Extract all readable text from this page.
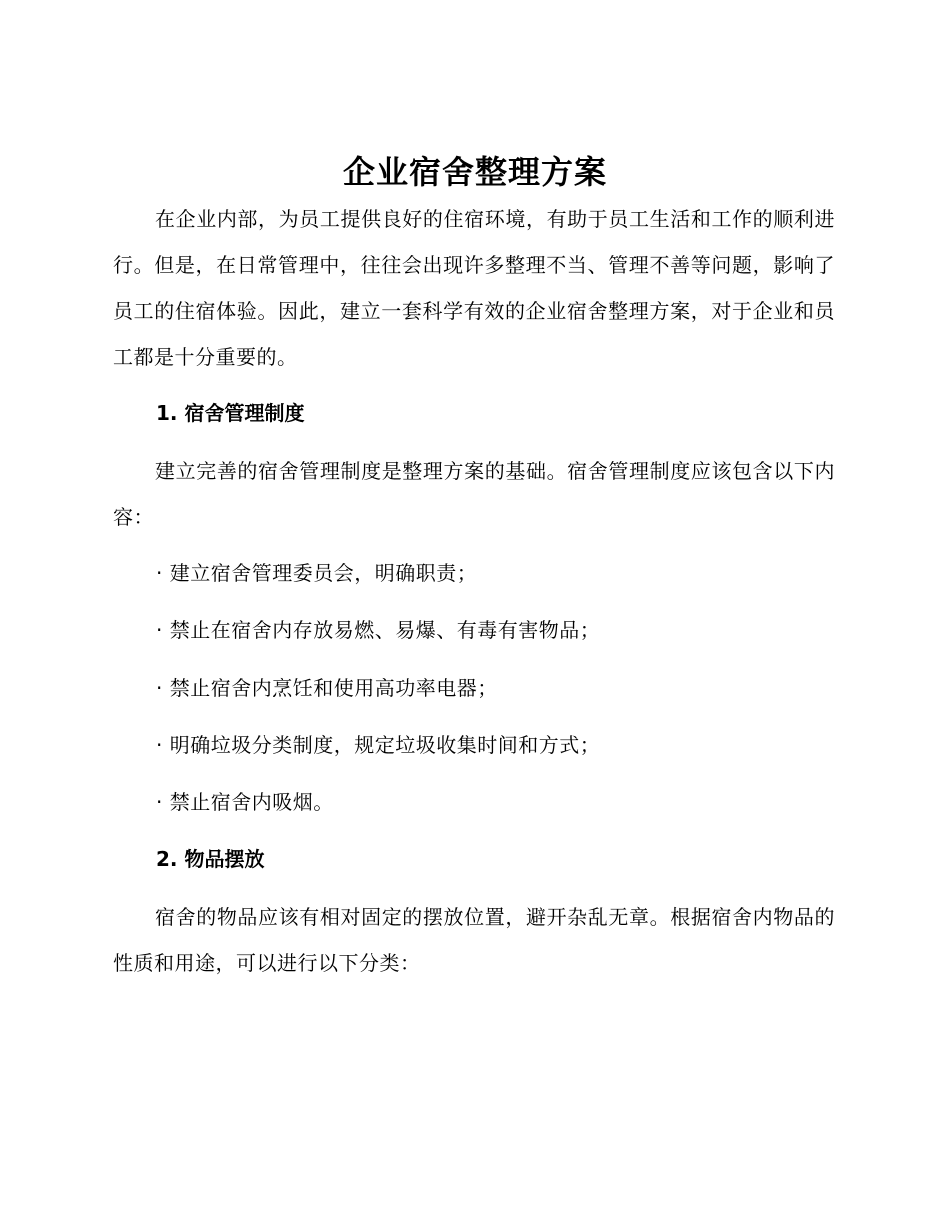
企业宿舍整理方案
在企业内部，为员工提供良好的住宿环境，有助于员工生活和工作的顺利进行。但是，在日常管理中，往往会出现许多整理不当、管理不善等问题，影响了员工的住宿体验。因此，建立一套科学有效的企业宿舍整理方案，对于企业和员工都是十分重要的。
1. 宿舍管理制度
建立完善的宿舍管理制度是整理方案的基础。宿舍管理制度应该包含以下内容：
· 建立宿舍管理委员会，明确职责；
· 禁止在宿舍内存放易燃、易爆、有毒有害物品；
· 禁止宿舍内烹饪和使用高功率电器；
· 明确垃圾分类制度，规定垃圾收集时间和方式；
· 禁止宿舍内吸烟。
2. 物品摆放
宿舍的物品应该有相对固定的摆放位置，避开杂乱无章。根据宿舍内物品的性质和用途，可以进行以下分类：
